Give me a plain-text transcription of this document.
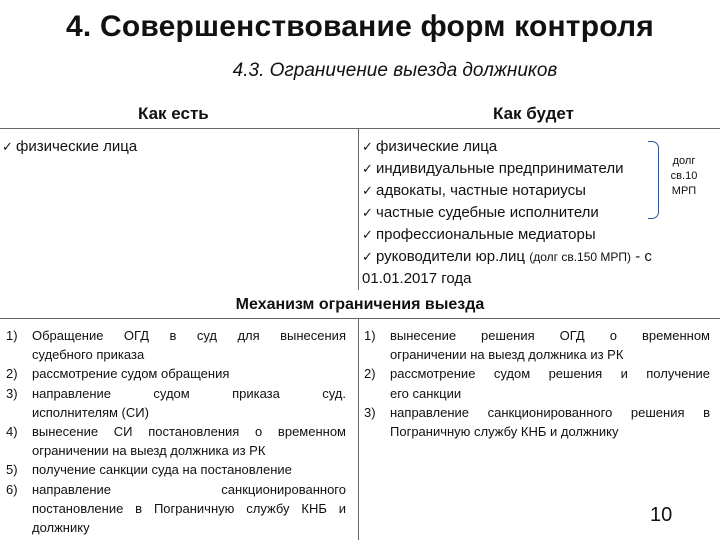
4. Совершенствование форм контроля
4.3. Ограничение выезда должников
Как есть	Как будет
✓ физические лица	✓ физические лица
✓ индивидуальные предприниматели
✓ адвокаты, частные нотариусы
✓ частные судебные исполнители
✓ профессиональные медиаторы
✓ руководители юр.лиц (долг св.150 МРП) - с
01.01.2017 года
долг
св.10
МРП
Механизм ограничения выезда
1)	Обращение ОГД в суд для вынесения
судебного приказа
2)	рассмотрение судом обращения
3)	направление судом приказа суд.
исполнителям (СИ)
4)	вынесение СИ постановления о временном
ограничении на выезд должника из РК
5)	получение санкции суда на постановление
6)	направление санкционированного
постановление в Пограничную службу КНБ и
должнику
1)	вынесение решения ОГД о временном
ограничении на выезд должника из РК
2)	рассмотрение судом решения и получение
его санкции
3)	направление санкционированного решения в
Пограничную службу КНБ и должнику
10
